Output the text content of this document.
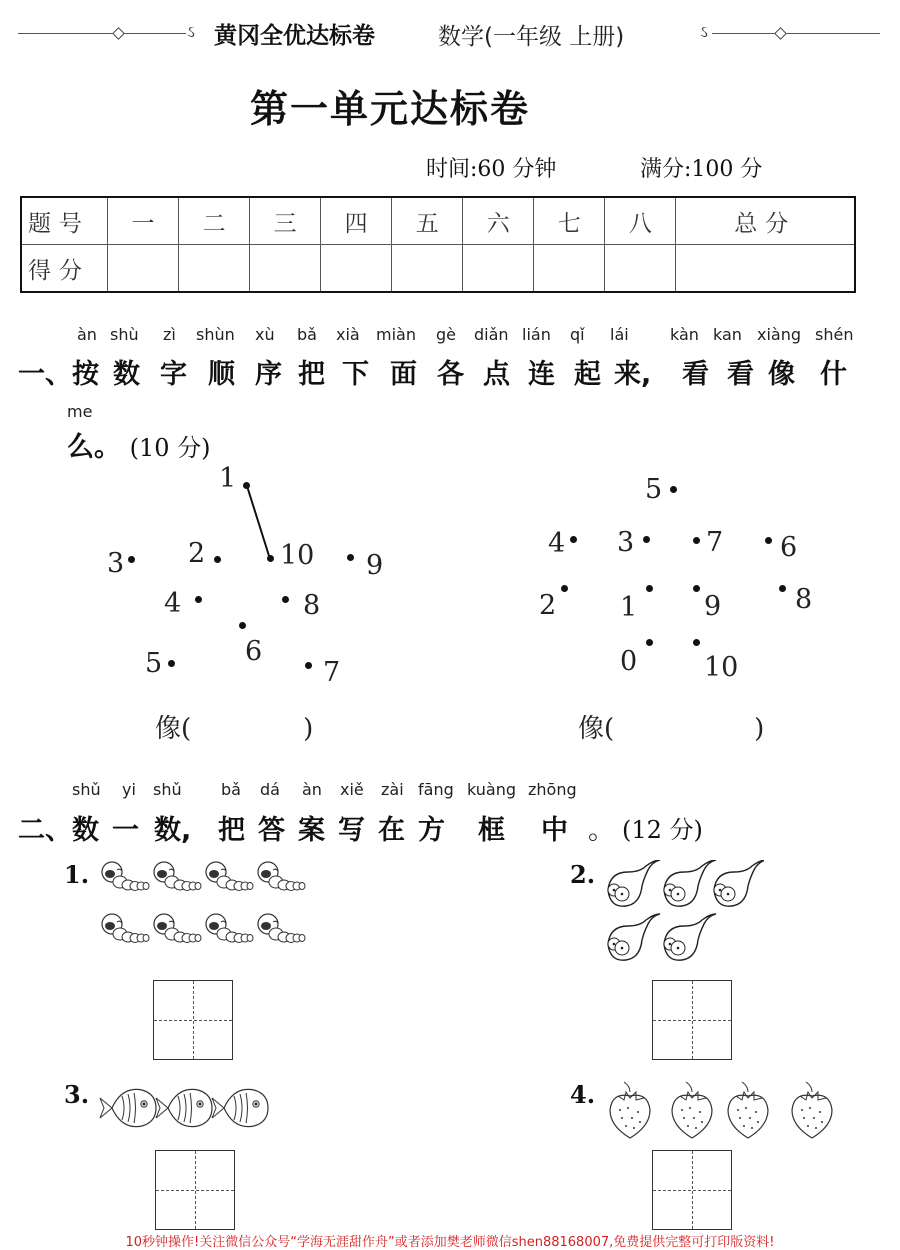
ઽ 黄冈全优达标卷	数学(一年级 上册)	ઽ
第一单元达标卷
时间:60 分钟	满分:100 分
题号	一	二	三	四	五	六	七	八	总分
得分									
àn shù zì shùn xù bǎ xià miàn gè diǎn lián qǐ lái	kàn kan xiàng shén
一、按 数 字 顺 序 把 下 面 各 点 连 起 来, 看 看 像 什
me
么。 (10 分)
1
2
3
4
5	6
7
8
9
10
0
1
2
3
4
5
6
7
8
9
10
像(	)	像(	)
shǔ yi shǔ bǎ dá àn xiě zài fāng kuàng zhōng
二、数 一 数, 把 答 案 写 在 方 框 中 。 (12 分)
1.	2.
3.	4.
10秒钟操作!关注微信公众号“学海无涯甜作舟”或者添加樊老师微信shen88168007,免费提供完整可打印版资料!
